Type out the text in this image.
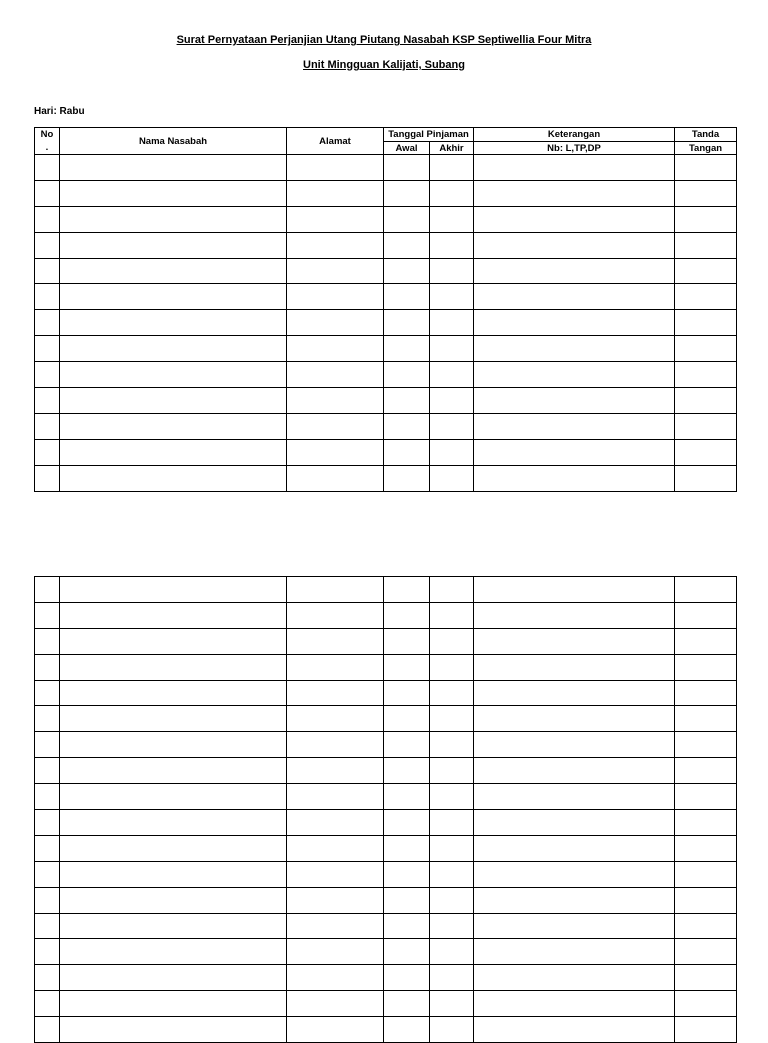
Surat Pernyataan Perjanjian Utang Piutang Nasabah KSP Septiwellia Four Mitra
Unit Mingguan Kalijati, Subang
Hari: Rabu
No
.	Nama Nasabah	Alamat	Tanggal Pinjaman		Keterangan	Tanda
			Awal	Akhir	Nb: L,TP,DP	Tangan
